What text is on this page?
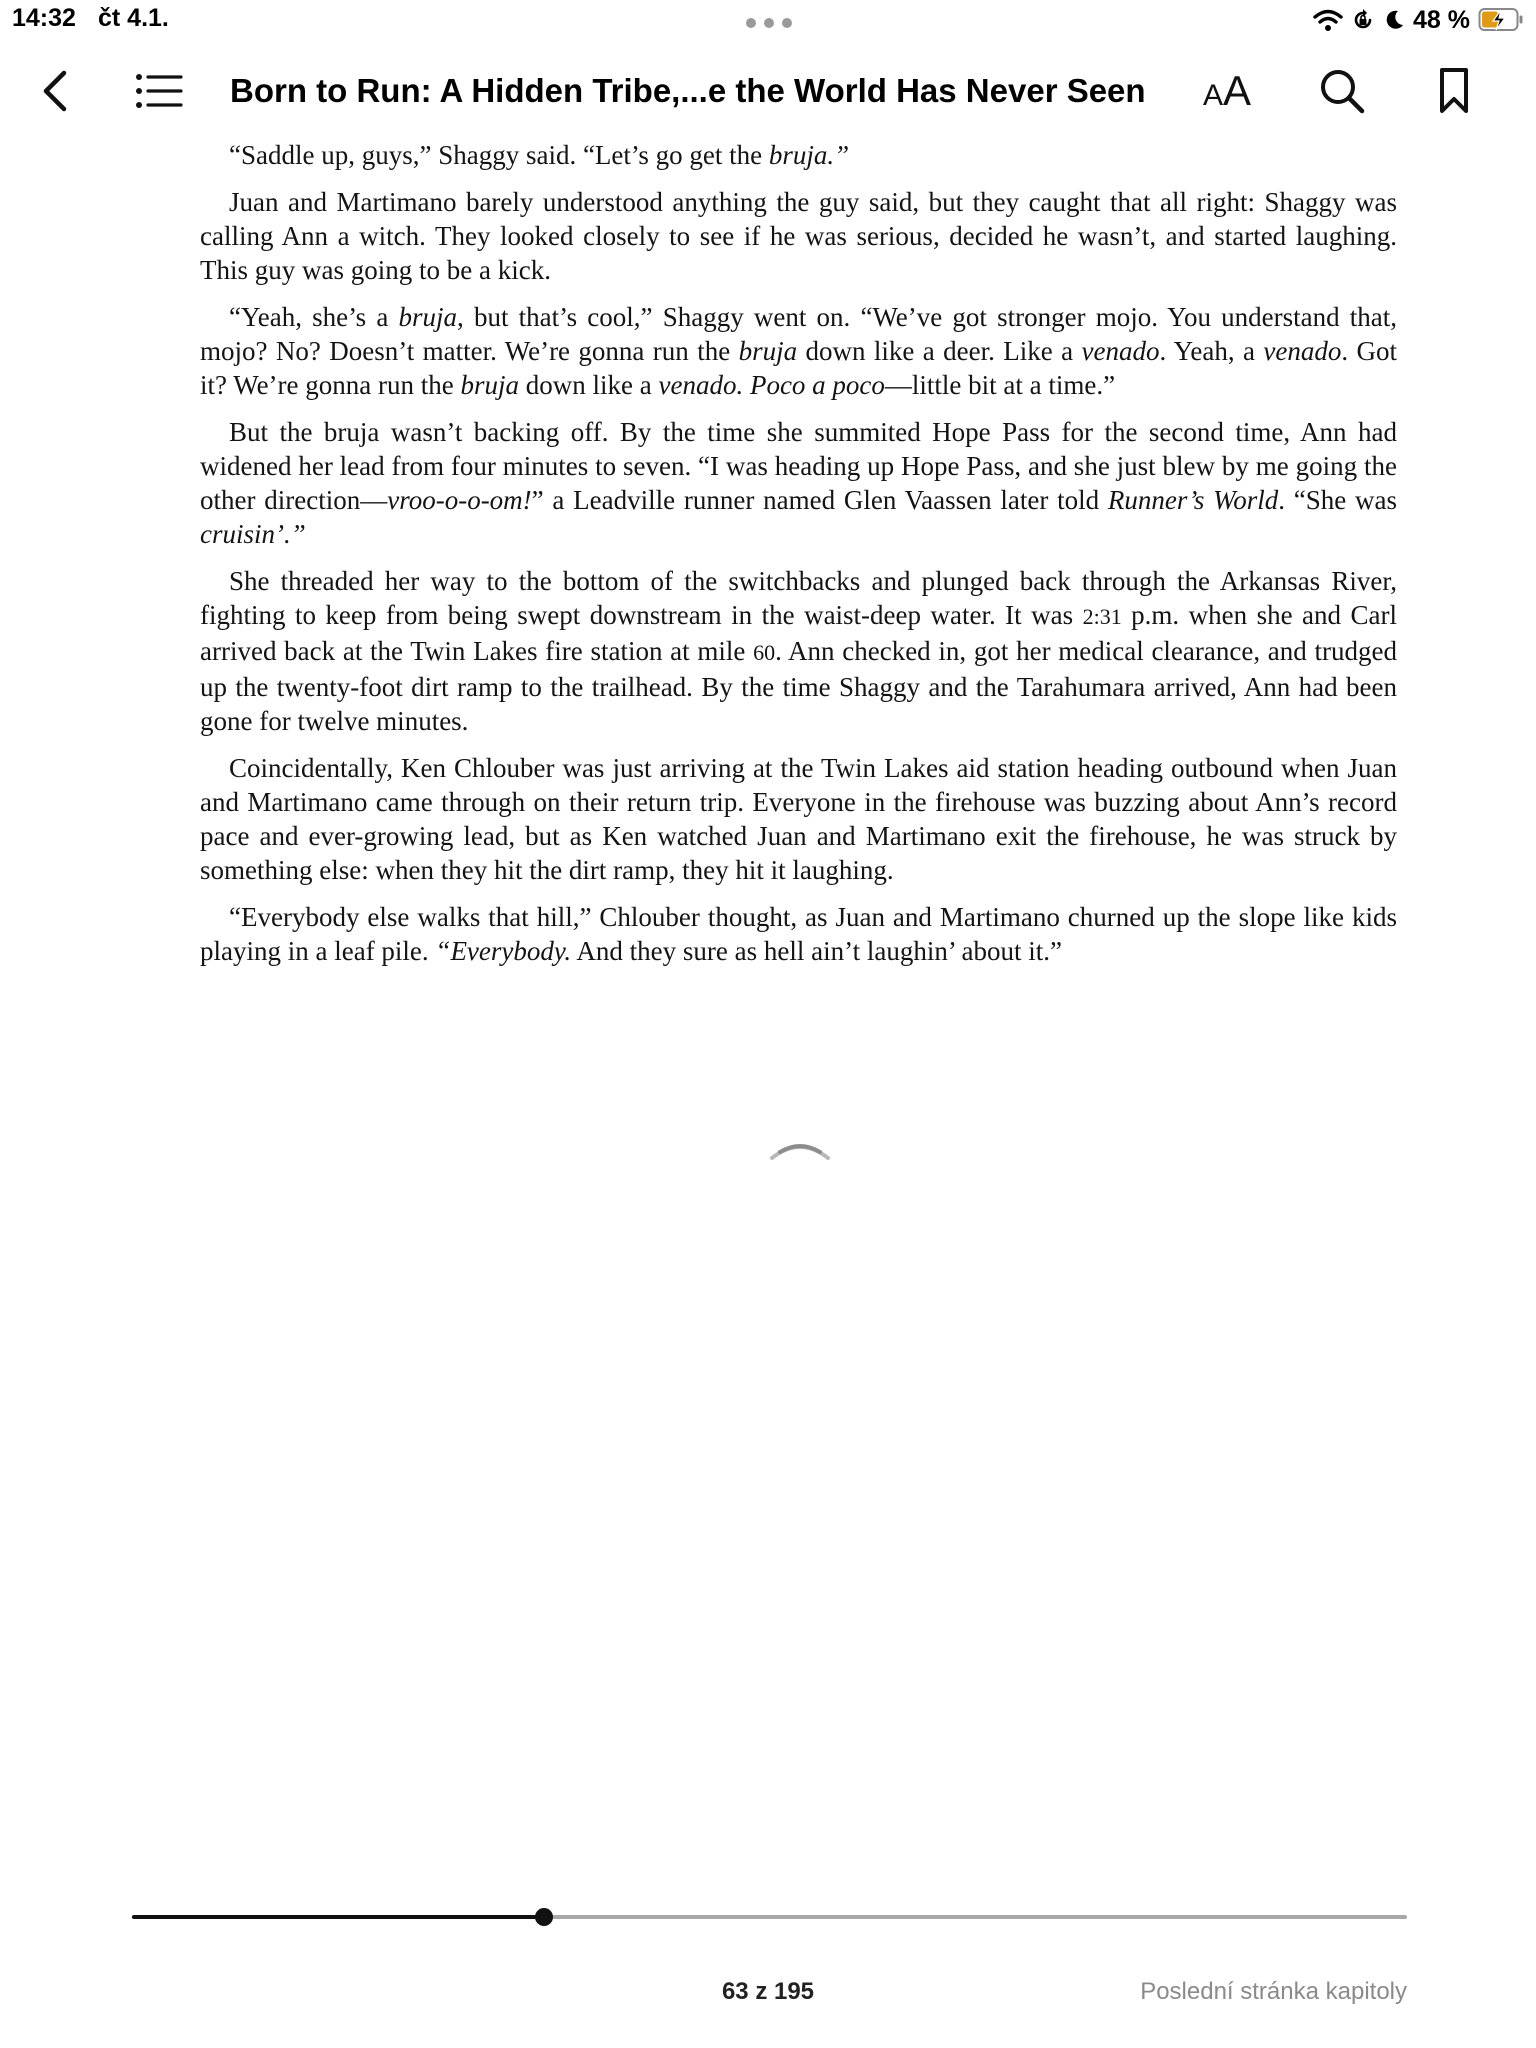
14:32 čt 4.1.	48 %
Born to Run: A Hidden Tribe,...e the World Has Never Seen A A

“Saddle up, guys,” Shaggy said. “Let’s go get the bruja.”

Juan and Martimano barely understood anything the guy said, but they caught that all right: Shaggy was calling Ann a witch. They looked closely to see if he was serious, decided he wasn’t, and started laughing. This guy was going to be a kick.

“Yeah, she’s a bruja, but that’s cool,” Shaggy went on. “We’ve got stronger mojo. You understand that, mojo? No? Doesn’t matter. We’re gonna run the bruja down like a deer. Like a venado. Yeah, a venado. Got it? We’re gonna run the bruja down like a venado. Poco a poco—little bit at a time.”

But the bruja wasn’t backing off. By the time she summited Hope Pass for the second time, Ann had widened her lead from four minutes to seven. “I was heading up Hope Pass, and she just blew by me going the other direction—vroo-o-o-om!” a Leadville runner named Glen Vaassen later told Runner’s World. “She was cruisin’.”

She threaded her way to the bottom of the switchbacks and plunged back through the Arkansas River, fighting to keep from being swept downstream in the waist-deep water. It was 2:31 p.m. when she and Carl arrived back at the Twin Lakes fire station at mile 60. Ann checked in, got her medical clearance, and trudged up the twenty-foot dirt ramp to the trailhead. By the time Shaggy and the Tarahumara arrived, Ann had been gone for twelve minutes.

Coincidentally, Ken Chlouber was just arriving at the Twin Lakes aid station heading outbound when Juan and Martimano came through on their return trip. Everyone in the firehouse was buzzing about Ann’s record pace and ever-growing lead, but as Ken watched Juan and Martimano exit the firehouse, he was struck by something else: when they hit the dirt ramp, they hit it laughing.

“Everybody else walks that hill,” Chlouber thought, as Juan and Martimano churned up the slope like kids playing in a leaf pile. “Everybody. And they sure as hell ain’t laughin’ about it.”

63 z 195	Poslední stránka kapitoly
